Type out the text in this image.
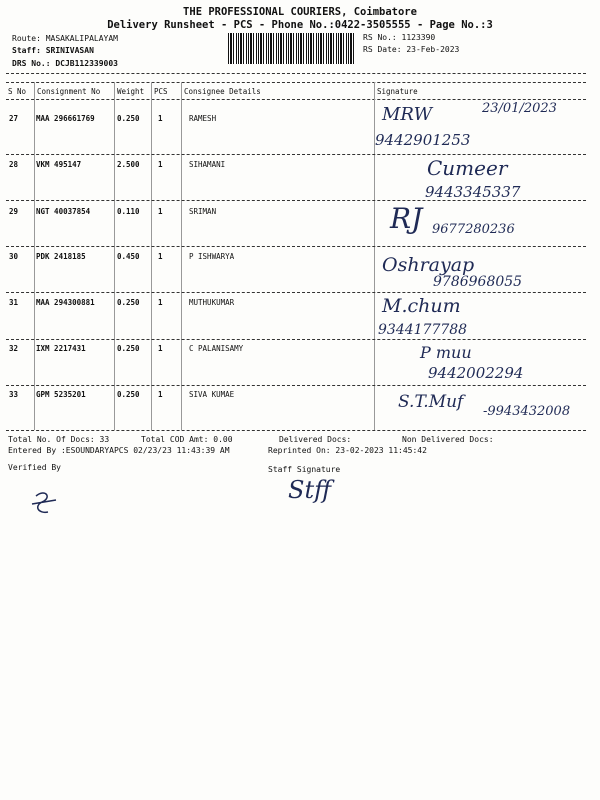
THE PROFESSIONAL COURIERS, Coimbatore
Delivery Runsheet - PCS - Phone No.:0422-3505555 - Page No.:3
Route: MASAKALIPALAYAM
Staff: SRINIVASAN
DRS No.: DCJB112339003
RS No.: 1123390
RS Date: 23-Feb-2023
S No Consignment No Weight PCS Consignee Details	Signature
27 MAA 296661769	0.250 1	RAMESH	MRW	23/01/2023
9442901253
28 VKM 495147	2.500 1	SIHAMANI	Cumeer
9443345337
29 NGT 40037854	0.110 1	SRIMAN	RJ 9677280236
30 PDK 2418185	0.450 1	P ISHWARYA	Oshrayap
9786968055
31 MAA 294300881	0.250 1	MUTHUKUMAR	M.chum
9344177788
32 IXM 2217431	0.250 1	C PALANISAMY	P muu
9442002294
33 GPM 5235201	0.250 1	SIVA KUMAE	S.T.Muf -9943432008
Total No. Of Docs: 33	Total COD Amt: 0.00	Delivered Docs:	Non Delivered Docs:
Entered By :ESOUNDARYAPCS 02/23/23 11:43:39 AM	Reprinted On: 23-02-2023 11:45:42
Verified By	Staff Signature
Stff
